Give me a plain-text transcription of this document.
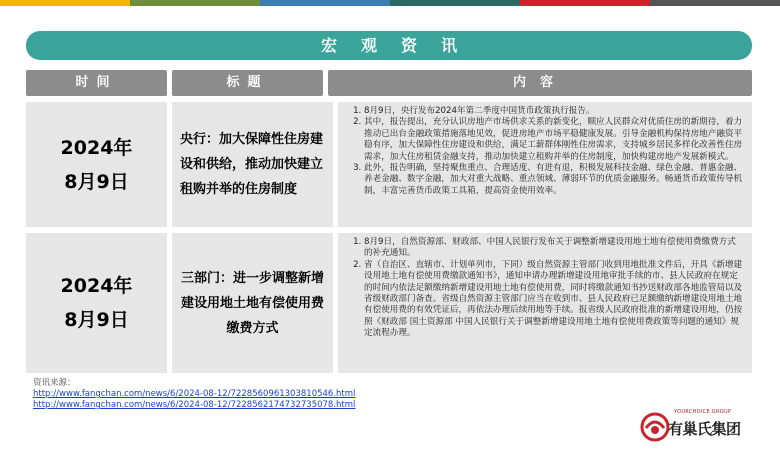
宏观资讯
时间	标题	内容
2024年
8月9日
央行：加大保障性住房建设和供给，推动加快建立租购并举的住房制度
1. 8月9日，央行发布2024年第二季度中国货币政策执行报告。
2. 其中，报告提出，充分认识房地产市场供求关系的新变化，顺应人民群众对优质住房的新期待，着力推动已出台金融政策措施落地见效，促进房地产市场平稳健康发展。引导金融机构保持房地产融资平稳有序，加大保障性住房建设和供给，满足工薪群体刚性住房需求，支持城乡居民多样化改善性住房需求，加大住房租赁金融支持，推动加快建立租购并举的住房制度，加快构建房地产发展新模式。
3. 此外，报告明确，坚持聚焦重点、合理适度、有进有退，积极发展科技金融、绿色金融、普惠金融、养老金融、数字金融，加大对重大战略、重点领域、薄弱环节的优质金融服务。畅通货币政策传导机制，丰富完善货币政策工具箱，提高资金使用效率。
2024年
8月9日
三部门：进一步调整新增建设用地土地有偿使用费缴费方式
1. 8月9日，自然资源部、财政部、中国人民银行发布关于调整新增建设用地土地有偿使用费缴费方式的补充通知。
2. 省（自治区、直辖市、计划单列市，下同）级自然资源主管部门收到用地批准文件后，开具《新增建设用地土地有偿使用费缴款通知书》，通知申请办理新增建设用地审批手续的市、县人民政府在规定的时间内依法足额缴纳新增建设用地土地有偿使用费，同时将缴款通知书抄送财政部各地监管局以及省级财政部门备查。省级自然资源主管部门应当在收到市、县人民政府已足额缴纳新增建设用地土地有偿使用费的有效凭证后，再依法办理后续用地等手续。报省级人民政府批准的新增建设用地，仍按照《财政部 国土资源部 中国人民银行关于调整新增建设用地土地有偿使用费政策等问题的通知》规定流程办理。
资讯来源：
http://www.fangchan.com/news/6/2024-08-12/7228560961303810546.html
http://www.fangchan.com/news/6/2024-08-12/7228562174732735078.html
YOURCHOICE GROUP
有巢氏集团
